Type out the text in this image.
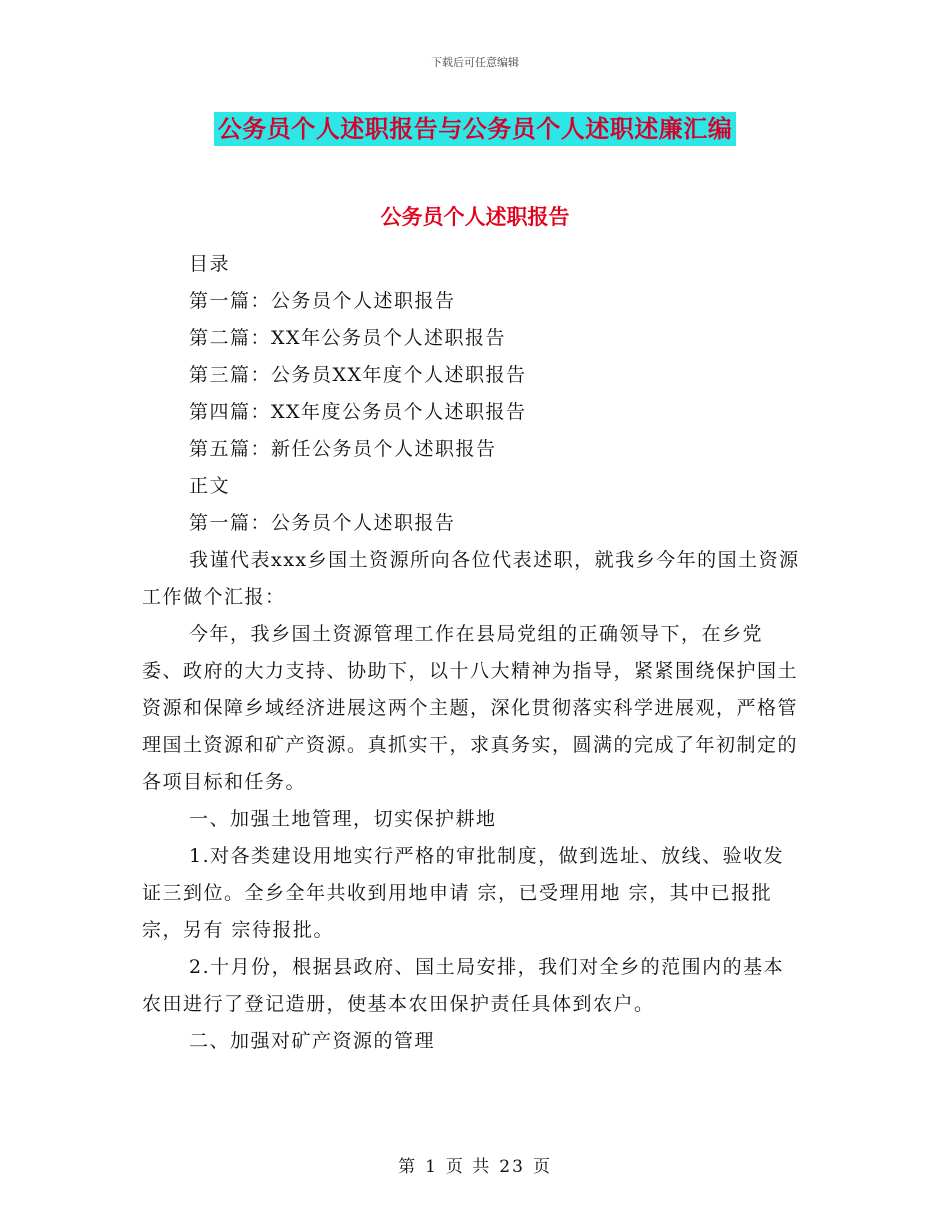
下载后可任意编辑
公务员个人述职报告与公务员个人述职述廉汇编
公务员个人述职报告

目录

第一篇：公务员个人述职报告

第二篇：XX年公务员个人述职报告

第三篇：公务员XX年度个人述职报告

第四篇：XX年度公务员个人述职报告

第五篇：新任公务员个人述职报告

正文

第一篇：公务员个人述职报告

我谨代表xxx乡国土资源所向各位代表述职，就我乡今年的国土资源工作做个汇报：

今年，我乡国土资源管理工作在县局党组的正确领导下，在乡党委、政府的大力支持、协助下，以十八大精神为指导，紧紧围绕保护国土资源和保障乡域经济进展这两个主题，深化贯彻落实科学进展观，严格管理国土资源和矿产资源。真抓实干，求真务实，圆满的完成了年初制定的各项目标和任务。

一、加强土地管理，切实保护耕地

1.对各类建设用地实行严格的审批制度，做到选址、放线、验收发证三到位。全乡全年共收到用地申请 宗，已受理用地 宗，其中已报批 宗，另有 宗待报批。

2.十月份，根据县政府、国土局安排，我们对全乡的范围内的基本农田进行了登记造册，使基本农田保护责任具体到农户。

二、加强对矿产资源的管理

第 1 页 共 23 页
